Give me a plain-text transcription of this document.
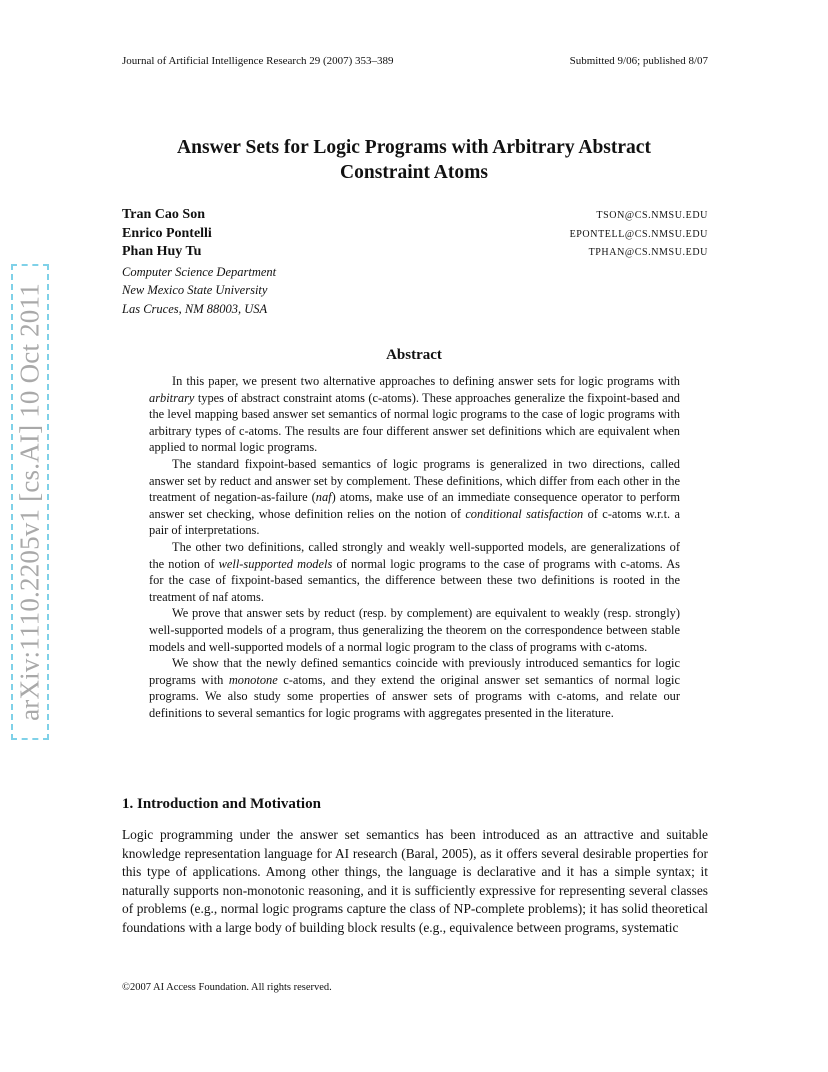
Journal of Artificial Intelligence Research 29 (2007) 353–389	Submitted 9/06; published 8/07
Answer Sets for Logic Programs with Arbitrary Abstract
Constraint Atoms
Tran Cao Son	TSON@CS.NMSU.EDU
Enrico Pontelli	EPONTELL@CS.NMSU.EDU
Phan Huy Tu	TPHAN@CS.NMSU.EDU
Computer Science Department
New Mexico State University
Las Cruces, NM 88003, USA
Abstract

In this paper, we present two alternative approaches to defining answer sets for logic programs with arbitrary types of abstract constraint atoms (c-atoms). These approaches generalize the fixpoint-based and the level mapping based answer set semantics of normal logic programs to the case of logic programs with arbitrary types of c-atoms. The results are four different answer set definitions which are equivalent when applied to normal logic programs.

The standard fixpoint-based semantics of logic programs is generalized in two directions, called answer set by reduct and answer set by complement. These definitions, which differ from each other in the treatment of negation-as-failure (naf) atoms, make use of an immediate consequence operator to perform answer set checking, whose definition relies on the notion of conditional satisfaction of c-atoms w.r.t. a pair of interpretations.

The other two definitions, called strongly and weakly well-supported models, are generalizations of the notion of well-supported models of normal logic programs to the case of programs with c-atoms. As for the case of fixpoint-based semantics, the difference between these two definitions is rooted in the treatment of naf atoms.

We prove that answer sets by reduct (resp. by complement) are equivalent to weakly (resp. strongly) well-supported models of a program, thus generalizing the theorem on the correspondence between stable models and well-supported models of a normal logic program to the class of programs with c-atoms.

We show that the newly defined semantics coincide with previously introduced semantics for logic programs with monotone c-atoms, and they extend the original answer set semantics of normal logic programs. We also study some properties of answer sets of programs with c-atoms, and relate our definitions to several semantics for logic programs with aggregates presented in the literature.

1. Introduction and Motivation

Logic programming under the answer set semantics has been introduced as an attractive and suitable knowledge representation language for AI research (Baral, 2005), as it offers several desirable properties for this type of applications. Among other things, the language is declarative and it has a simple syntax; it naturally supports non-monotonic reasoning, and it is sufficiently expressive for representing several classes of problems (e.g., normal logic programs capture the class of NP-complete problems); it has solid theoretical foundations with a large body of building block results (e.g., equivalence between programs, systematic

©2007 AI Access Foundation. All rights reserved.
arXiv:1110.2205v1 [cs.AI] 10 Oct 2011
